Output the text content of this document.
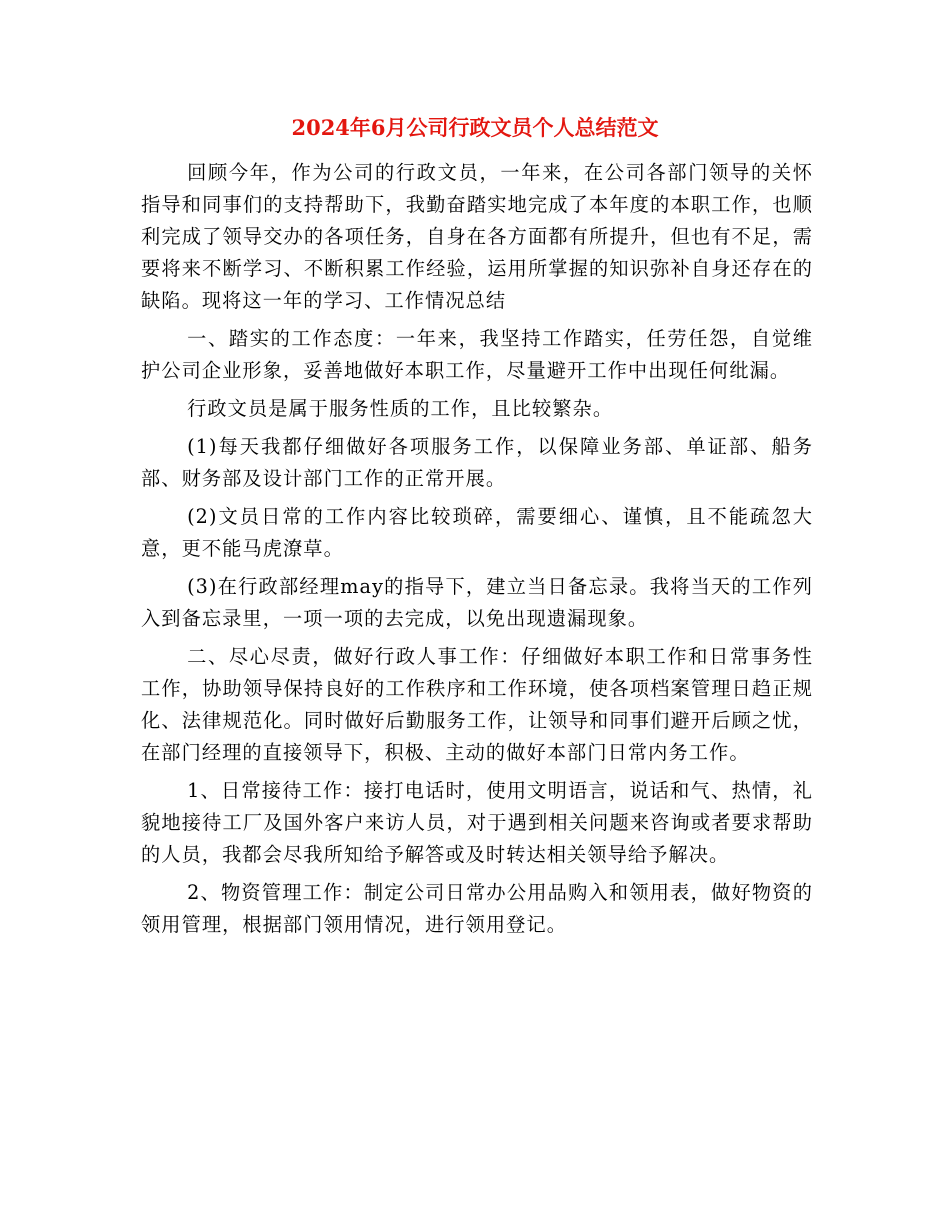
2024年6月公司行政文员个人总结范文

回顾今年，作为公司的行政文员，一年来，在公司各部门领导的关怀指导和同事们的支持帮助下，我勤奋踏实地完成了本年度的本职工作，也顺利完成了领导交办的各项任务，自身在各方面都有所提升，但也有不足，需要将来不断学习、不断积累工作经验，运用所掌握的知识弥补自身还存在的缺陷。现将这一年的学习、工作情况总结

一、踏实的工作态度：一年来，我坚持工作踏实，任劳任怨，自觉维护公司企业形象，妥善地做好本职工作，尽量避开工作中出现任何纰漏。

行政文员是属于服务性质的工作，且比较繁杂。

(1)每天我都仔细做好各项服务工作，以保障业务部、单证部、船务部、财务部及设计部门工作的正常开展。

(2)文员日常的工作内容比较琐碎，需要细心、谨慎，且不能疏忽大意，更不能马虎潦草。

(3)在行政部经理may的指导下，建立当日备忘录。我将当天的工作列入到备忘录里，一项一项的去完成，以免出现遗漏现象。

二、尽心尽责，做好行政人事工作：仔细做好本职工作和日常事务性工作，协助领导保持良好的工作秩序和工作环境，使各项档案管理日趋正规化、法律规范化。同时做好后勤服务工作，让领导和同事们避开后顾之忧，在部门经理的直接领导下，积极、主动的做好本部门日常内务工作。

1、日常接待工作：接打电话时，使用文明语言，说话和气、热情，礼貌地接待工厂及国外客户来访人员，对于遇到相关问题来咨询或者要求帮助的人员，我都会尽我所知给予解答或及时转达相关领导给予解决。

2、物资管理工作：制定公司日常办公用品购入和领用表，做好物资的领用管理，根据部门领用情况，进行领用登记。
